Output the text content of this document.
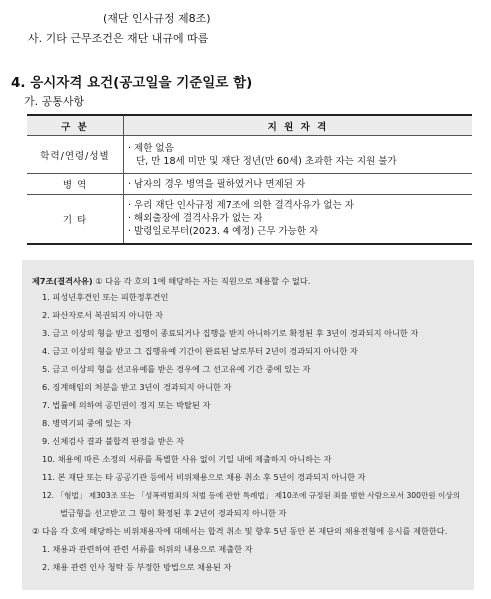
(재단 인사규정 제8조)
사. 기타 근무조건은 재단 내규에 따름
4. 응시자격 요건(공고일을 기준일로 함)
가. 공통사항
구 분	지 원 자 격
학력/연령/성별	· 제한 없음
단, 만 18세 미만 및 재단 정년(만 60세) 초과한 자는 지원 불가

병 역	· 남자의 경우 병역을 필하였거나 면제된 자

기 타	· 우리 재단 인사규정 제7조에 의한 결격사유가 없는 자
· 해외출장에 결격사유가 없는 자
· 발령일로부터(2023. 4 예정) 근무 가능한 자
제7조(결격사유) ① 다음 각 호의 1에 해당하는 자는 직원으로 채용할 수 없다.
1. 피성년후견인 또는 피한정후견인
2. 파산자로서 복권되지 아니한 자
3. 금고 이상의 형을 받고 집행이 종료되거나 집행을 받지 아니하기로 확정된 후 3년이 경과되지 아니한 자
4. 금고 이상의 형을 받고 그 집행유예 기간이 완료된 날로부터 2년이 경과되지 아니한 자
5. 금고 이상의 형을 선고유예를 받은 경우에 그 선고유예 기간 중에 있는 자
6. 징계해임의 처분을 받고 3년이 경과되지 아니한 자
7. 법률에 의하여 공민권이 정지 또는 박탈된 자
8. 병역기피 중에 있는 자
9. 신체검사 결과 불합격 판정을 받은 자
10. 채용에 따른 소정의 서류를 특별한 사유 없이 기일 내에 제출하지 아니하는 자
11. 본 재단 또는 타 공공기관 등에서 비위채용으로 채용 취소 후 5년이 경과되지 아니한 자
12. 「형법」 제303조 또는 「성폭력범죄의 처벌 등에 관한 특례법」 제10조에 규정된 죄를 범한 사람으로서 300만원 이상의
벌금형을 선고받고 그 형이 확정된 후 2년이 경과되지 아니한 자
② 다음 각 호에 해당하는 비위채용자에 대해서는 합격 취소 및 향후 5년 동안 본 재단의 채용전형에 응시를 제한한다.
1. 채용과 관련하여 관련 서류를 허위의 내용으로 제출한 자
2. 채용 관련 인사 청탁 등 부정한 방법으로 채용된 자
